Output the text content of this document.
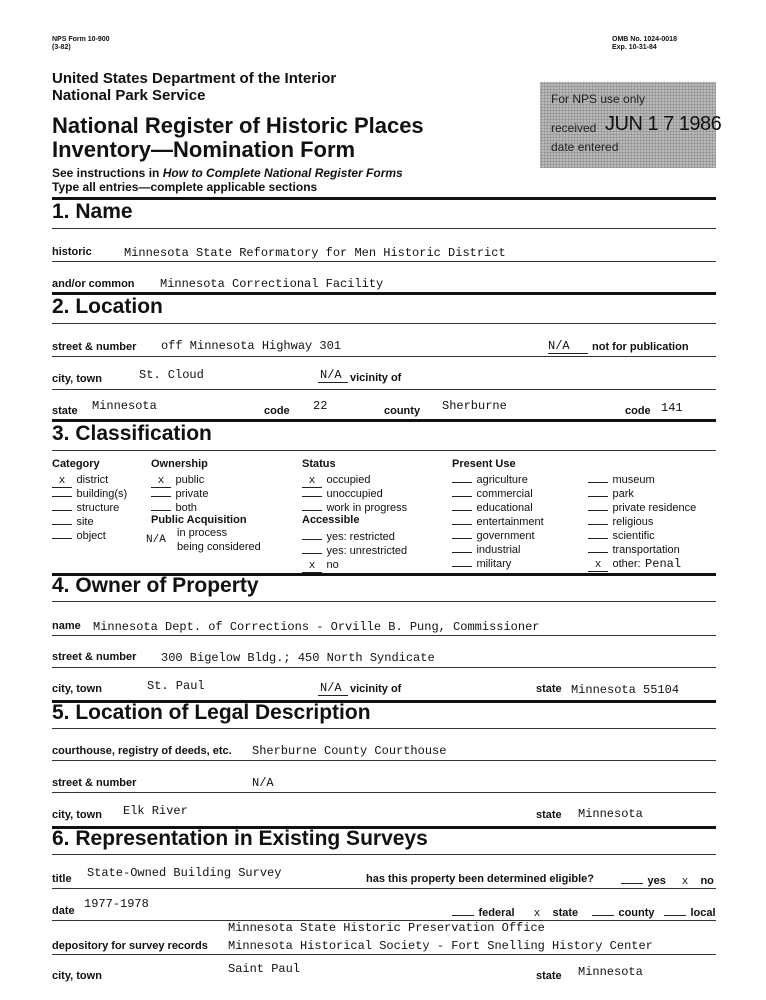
NPS Form 10-900
(3-82)
OMB No. 1024-0018
Exp. 10-31-84
United States Department of the Interior
National Park Service
National Register of Historic Places
Inventory—Nomination Form
See instructions in How to Complete National Register Forms
Type all entries—complete applicable sections
For NPS use only
received JUN 1 7 1986
date entered
1. Name
historic	Minnesota State Reformatory for Men Historic District
and/or common Minnesota Correctional Facility
2. Location
street & number off Minnesota Highway 301	N/A not for publication
city, town	St. Cloud	N/A vicinity of
state Minnesota	code 22	county Sherburne	code 141
3. Classification
Category
x district
building(s)
structure
site
object
Ownership
x public
private
both
Public Acquisition
N/A
in process
being considered
Status
x occupied
unoccupied
work in progress
Accessible
yes: restricted
yes: unrestricted
x no
Present Use
agriculture
commercial
educational
entertainment
government
industrial
military
museum
park
private residence
religious
scientific
transportation
x other: Penal
4. Owner of Property
name Minnesota Dept. of Corrections - Orville B. Pung, Commissioner
street & number 300 Bigelow Bldg.; 450 North Syndicate
city, town	St. Paul	N/A vicinity of	state Minnesota 55104
5. Location of Legal Description
courthouse, registry of deeds, etc. Sherburne County Courthouse
street & number	N/A
city, town Elk River	state Minnesota
6. Representation in Existing Surveys
title State-Owned Building Survey	has this property been determined eligible?	yes	x no
date 1977-1978
federal	x state	county	local
Minnesota State Historic Preservation Office
depository for survey records Minnesota Historical Society - Fort Snelling History Center
city, town	Saint Paul	state Minnesota
